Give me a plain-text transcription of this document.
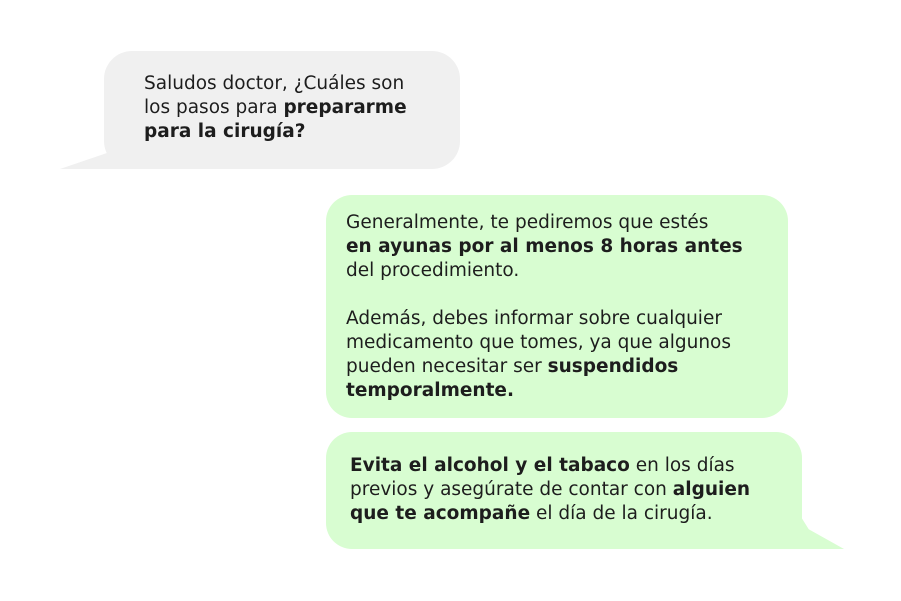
Saludos doctor, ¿Cuáles son
los pasos para prepararme
para la cirugía?
Generalmente, te pediremos que estés
en ayunas por al menos 8 horas antes
del procedimiento.
Además, debes informar sobre cualquier
medicamento que tomes, ya que algunos
pueden necesitar ser suspendidos
temporalmente.
Evita el alcohol y el tabaco en los días
previos y asegúrate de contar con alguien
que te acompañe el día de la cirugía.
